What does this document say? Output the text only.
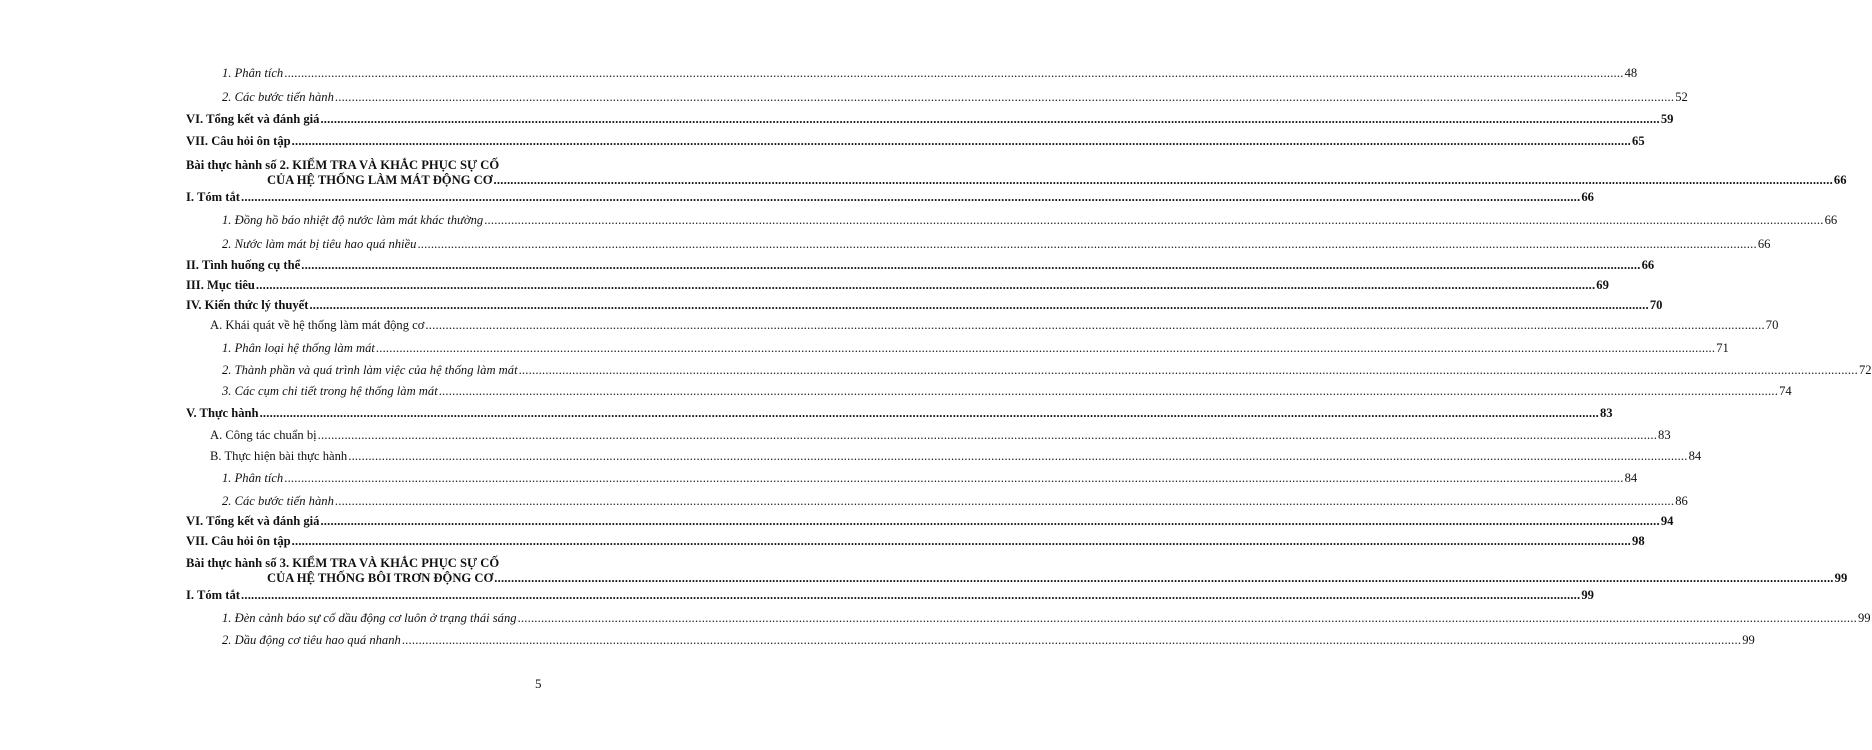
1. Phân tích ................................................................................................................................................................................................................................................................................................................................................................................................................ 48
2. Các bước tiến hành ................................................................................................................................................................................................................................................................................................................................................................................................................ 52
VI. Tổng kết và đánh giá ................................................................................................................................................................................................................................................................................................................................................................................................................ 59
VII. Câu hỏi ôn tập ................................................................................................................................................................................................................................................................................................................................................................................................................ 65
Bài thực hành số 2. KIỂM TRA VÀ KHẮC PHỤC SỰ CỐ
CỦA HỆ THỐNG LÀM MÁT ĐỘNG CƠ ................................................................................................................................................................................................................................................................................................................................................................................................................ 66
I. Tóm tắt ................................................................................................................................................................................................................................................................................................................................................................................................................ 66
1. Đồng hồ báo nhiệt độ nước làm mát khác thường ................................................................................................................................................................................................................................................................................................................................................................................................................ 66
2. Nước làm mát bị tiêu hao quá nhiều ................................................................................................................................................................................................................................................................................................................................................................................................................ 66
II. Tình huống cụ thể ................................................................................................................................................................................................................................................................................................................................................................................................................ 66
III. Mục tiêu ................................................................................................................................................................................................................................................................................................................................................................................................................ 69
IV. Kiến thức lý thuyết ................................................................................................................................................................................................................................................................................................................................................................................................................ 70
A. Khái quát về hệ thống làm mát động cơ ................................................................................................................................................................................................................................................................................................................................................................................................................ 70
1. Phân loại hệ thống làm mát ................................................................................................................................................................................................................................................................................................................................................................................................................ 71
2. Thành phần và quá trình làm việc của hệ thống làm mát ................................................................................................................................................................................................................................................................................................................................................................................................................ 72
3. Các cụm chi tiết trong hệ thống làm mát ................................................................................................................................................................................................................................................................................................................................................................................................................ 74
V. Thực hành ................................................................................................................................................................................................................................................................................................................................................................................................................ 83
A. Công tác chuẩn bị ................................................................................................................................................................................................................................................................................................................................................................................................................ 83
B. Thực hiện bài thực hành ................................................................................................................................................................................................................................................................................................................................................................................................................ 84
1. Phân tích ................................................................................................................................................................................................................................................................................................................................................................................................................ 84
2. Các bước tiến hành ................................................................................................................................................................................................................................................................................................................................................................................................................ 86
VI. Tổng kết và đánh giá ................................................................................................................................................................................................................................................................................................................................................................................................................ 94
VII. Câu hỏi ôn tập ................................................................................................................................................................................................................................................................................................................................................................................................................ 98
Bài thực hành số 3. KIỂM TRA VÀ KHẮC PHỤC SỰ CỐ
CỦA HỆ THỐNG BÔI TRƠN ĐỘNG CƠ ................................................................................................................................................................................................................................................................................................................................................................................................................ 99
I. Tóm tắt ................................................................................................................................................................................................................................................................................................................................................................................................................ 99
1. Đèn cảnh báo sự cố dầu động cơ luôn ở trạng thái sáng ................................................................................................................................................................................................................................................................................................................................................................................................................ 99
2. Dầu động cơ tiêu hao quá nhanh ................................................................................................................................................................................................................................................................................................................................................................................................................ 99
5
